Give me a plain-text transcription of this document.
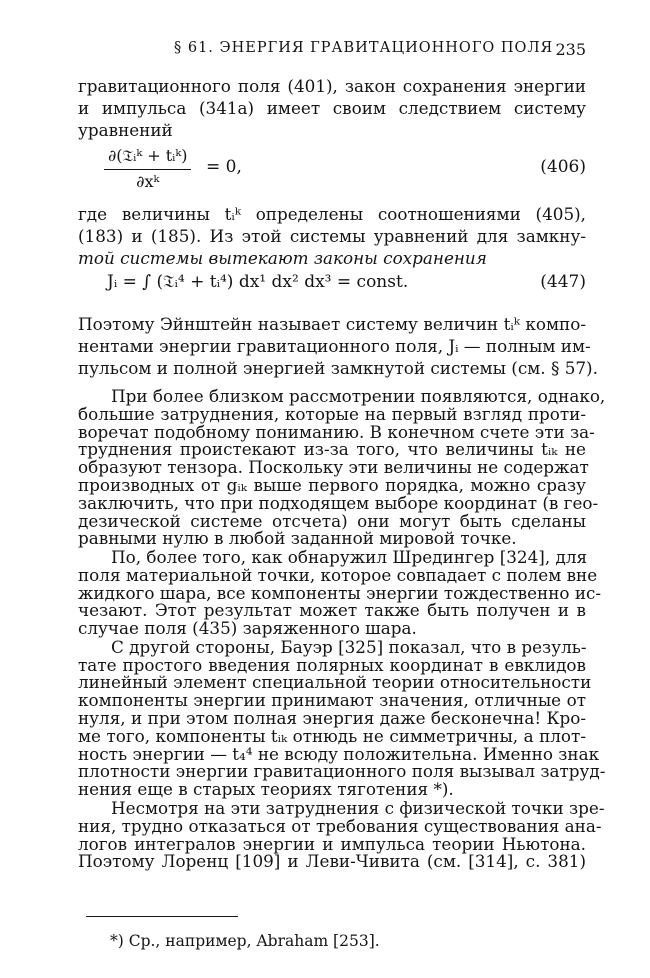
§ 61. ЭНЕРГИЯ ГРАВИТАЦИОННОГО ПОЛЯ 235
гравитационного поля (401), закон сохранения энергии
и импульса (341a) имеет своим следствием систему
уравнений
∂(𝔗ᵢᵏ + tᵢᵏ)
∂xᵏ
= 0,	(406)
где величины tᵢᵏ определены соотношениями (405),
(183) и (185). Из этой системы уравнений для замкну-
той системы вытекают законы сохранения
Jᵢ = ∫ (𝔗ᵢ⁴ + tᵢ⁴) dx¹ dx² dx³ = const.	(447)
Поэтому Эйнштейн называет систему величин tᵢᵏ компо-
нентами энергии гравитационного поля, Jᵢ — полным им-
пульсом и полной энергией замкнутой системы (см. § 57).
При более близком рассмотрении появляются, однако,
большие затруднения, которые на первый взгляд проти-
воречат подобному пониманию. В конечном счете эти за-
труднения проистекают из-за того, что величины tᵢₖ не
образуют тензора. Поскольку эти величины не содержат
производных от gᵢₖ выше первого порядка, можно сразу
заключить, что при подходящем выборе координат (в гео-
дезической системе отсчета) они могут быть сделаны
равными нулю в любой заданной мировой точке.
По, более того, как обнаружил Шредингер [324], для
поля материальной точки, которое совпадает с полем вне
жидкого шара, все компоненты энергии тождественно ис-
чезают. Этот результат может также быть получен и в
случае поля (435) заряженного шара.
С другой стороны, Бауэр [325] показал, что в резуль-
тате простого введения полярных координат в евклидов
линейный элемент специальной теории относительности
компоненты энергии принимают значения, отличные от
нуля, и при этом полная энергия даже бесконечна! Кро-
ме того, компоненты tᵢₖ отнюдь не симметричны, а плот-
ность энергии — t₄⁴ не всюду положительна. Именно знак
плотности энергии гравитационного поля вызывал затруд-
нения еще в старых теориях тяготения *).
Несмотря на эти затруднения с физической точки зре-
ния, трудно отказаться от требования существования ана-
логов интегралов энергии и импульса теории Ньютона.
Поэтому Лоренц [109] и Леви-Чивита (см. [314], с. 381)
*) Ср., например, Abraham [253].
